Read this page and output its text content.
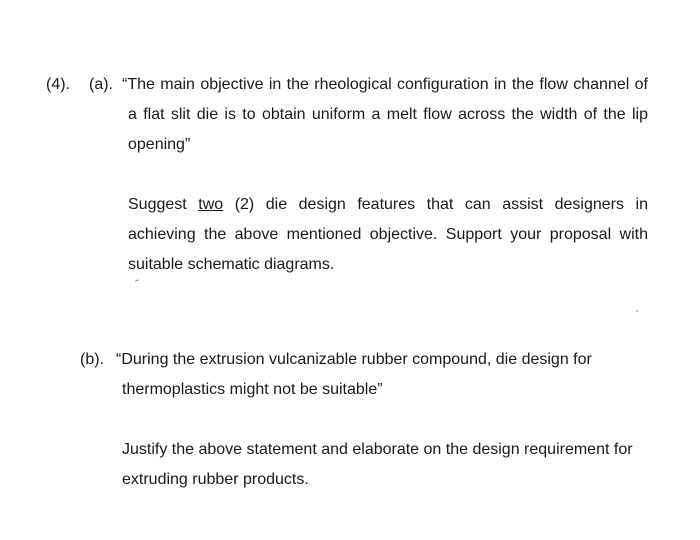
(4). (a). “The main objective in the rheological configuration in the flow channel of a flat slit die is to obtain uniform a melt flow across the width of the lip opening”
Suggest two (2) die design features that can assist designers in achieving the above mentioned objective. Support your proposal with suitable schematic diagrams.
(b). “During the extrusion vulcanizable rubber compound, die design for thermoplastics might not be suitable”
Justify the above statement and elaborate on the design requirement for extruding rubber products.
